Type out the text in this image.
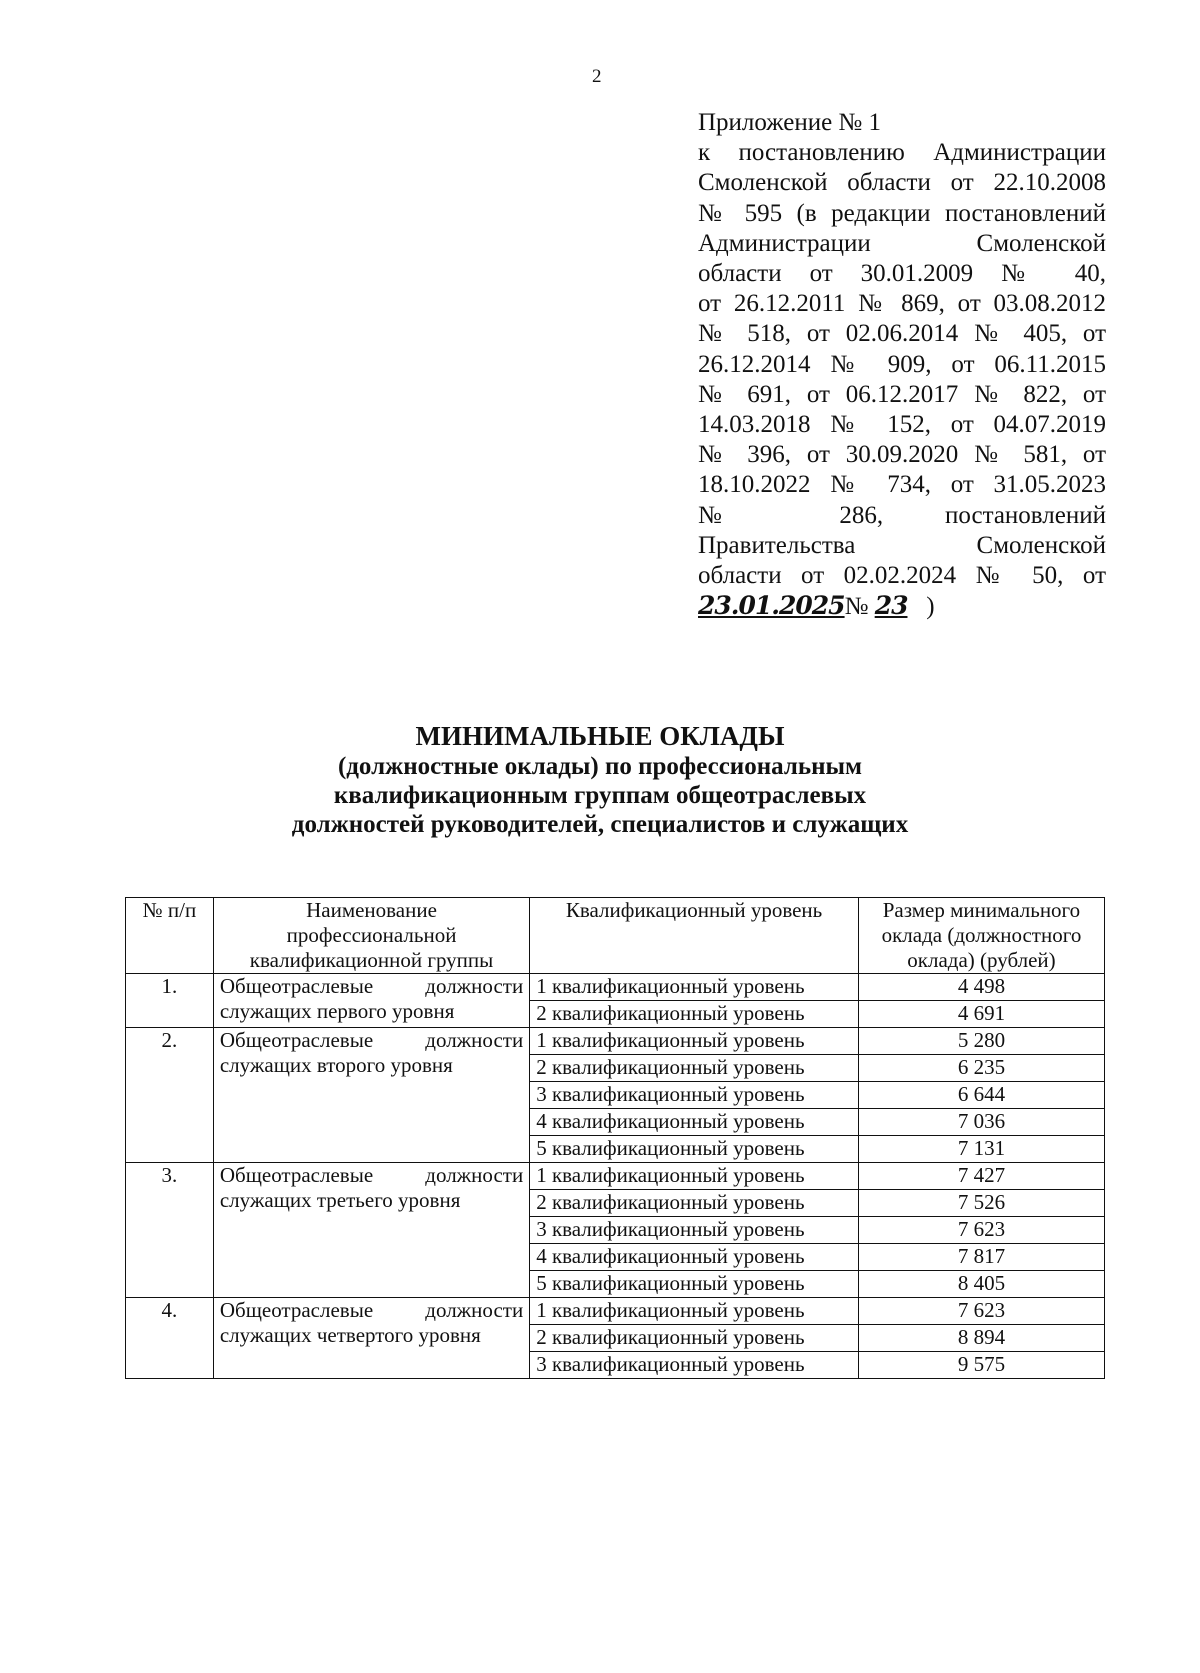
2
Приложение № 1
к постановлению Администрации
Смоленской области от 22.10.2008
№ 595 (в редакции постановлений
Администрации Смоленской
области от 30.01.2009 № 40,
от 26.12.2011 № 869, от 03.08.2012
№ 518, от 02.06.2014 № 405, от
26.12.2014 № 909, от 06.11.2015
№ 691, от 06.12.2017 № 822, от
14.03.2018 № 152, от 04.07.2019
№ 396, от 30.09.2020 № 581, от
18.10.2022 № 734, от 31.05.2023
№ 286, постановлений
Правительства Смоленской
области от 02.02.2024 № 50, от
23.01.2025№ 23 )
МИНИМАЛЬНЫЕ ОКЛАДЫ
(должностные оклады) по профессиональным
квалификационным группам общеотраслевых
должностей руководителей, специалистов и служащих
№ п/п	Наименование профессиональной квалификационной группы	Квалификационный уровень	Размер минимального оклада (должностного оклада) (рублей)
1.	Общеотраслевые должности служащих первого уровня	1 квалификационный уровень	4 498
		2 квалификационный уровень	4 691
2.	Общеотраслевые должности служащих второго уровня	1 квалификационный уровень	5 280
		2 квалификационный уровень	6 235
		3 квалификационный уровень	6 644
		4 квалификационный уровень	7 036
		5 квалификационный уровень	7 131
3.	Общеотраслевые должности служащих третьего уровня	1 квалификационный уровень	7 427
		2 квалификационный уровень	7 526
		3 квалификационный уровень	7 623
		4 квалификационный уровень	7 817
		5 квалификационный уровень	8 405
4.	Общеотраслевые должности служащих четвертого уровня	1 квалификационный уровень	7 623
		2 квалификационный уровень	8 894
		3 квалификационный уровень	9 575
